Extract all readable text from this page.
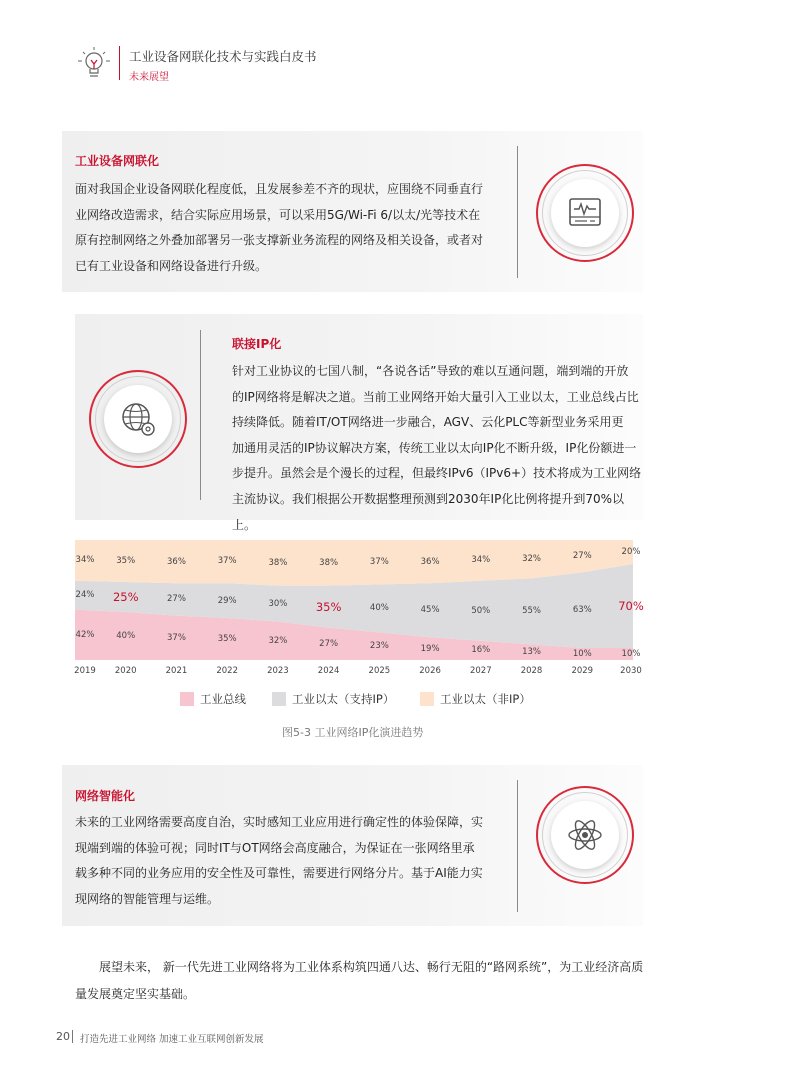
工业设备网联化技术与实践白皮书
未来展望
工业设备网联化
面对我国企业设备网联化程度低，且发展参差不齐的现状，应围绕不同垂直行
业网络改造需求，结合实际应用场景，可以采用5G/Wi-Fi 6/以太/光等技术在
原有控制网络之外叠加部署另一张支撑新业务流程的网络及相关设备，或者对
已有工业设备和网络设备进行升级。
联接IP化
针对工业协议的七国八制，“各说各话”导致的难以互通问题，端到端的开放
的IP网络将是解决之道。当前工业网络开始大量引入工业以太，工业总线占比
持续降低。随着IT/OT网络进一步融合，AGV、云化PLC等新型业务采用更
加通用灵活的IP协议解决方案，传统工业以太向IP化不断升级，IP化份额进一
步提升。虽然会是个漫长的过程，但最终IPv6（IPv6+）技术将成为工业网络
主流协议。我们根据公开数据整理预测到2030年IP化比例将提升到70%以上。
42%	40%	37%	35%	32%	27%	23%	19%	16%	13%	10%	10%
24% 25%	27%	29%	30% 35%	40%	45%	50%	55%	63% 70%
34%	35%	36%	37%	38%	38%	37%	36%	34%	32%	27%	20%
2019 2020	2021	2022	2023	2024	2025	2026	2027	2028	2029	2030
工业总线	工业以太（支持IP）	工业以太（非IP）
图5-3 工业网络IP化演进趋势
网络智能化
未来的工业网络需要高度自治，实时感知工业应用进行确定性的体验保障，实
现端到端的体验可视；同时IT与OT网络会高度融合，为保证在一张网络里承
载多种不同的业务应用的安全性及可靠性，需要进行网络分片。基于AI能力实
现网络的智能管理与运维。
展望未来， 新一代先进工业网络将为工业体系构筑四通八达、畅行无阻的“路网系统”，为工业经济高质量发展奠定坚实基础。
20 打造先进工业网络 加速工业互联网创新发展
